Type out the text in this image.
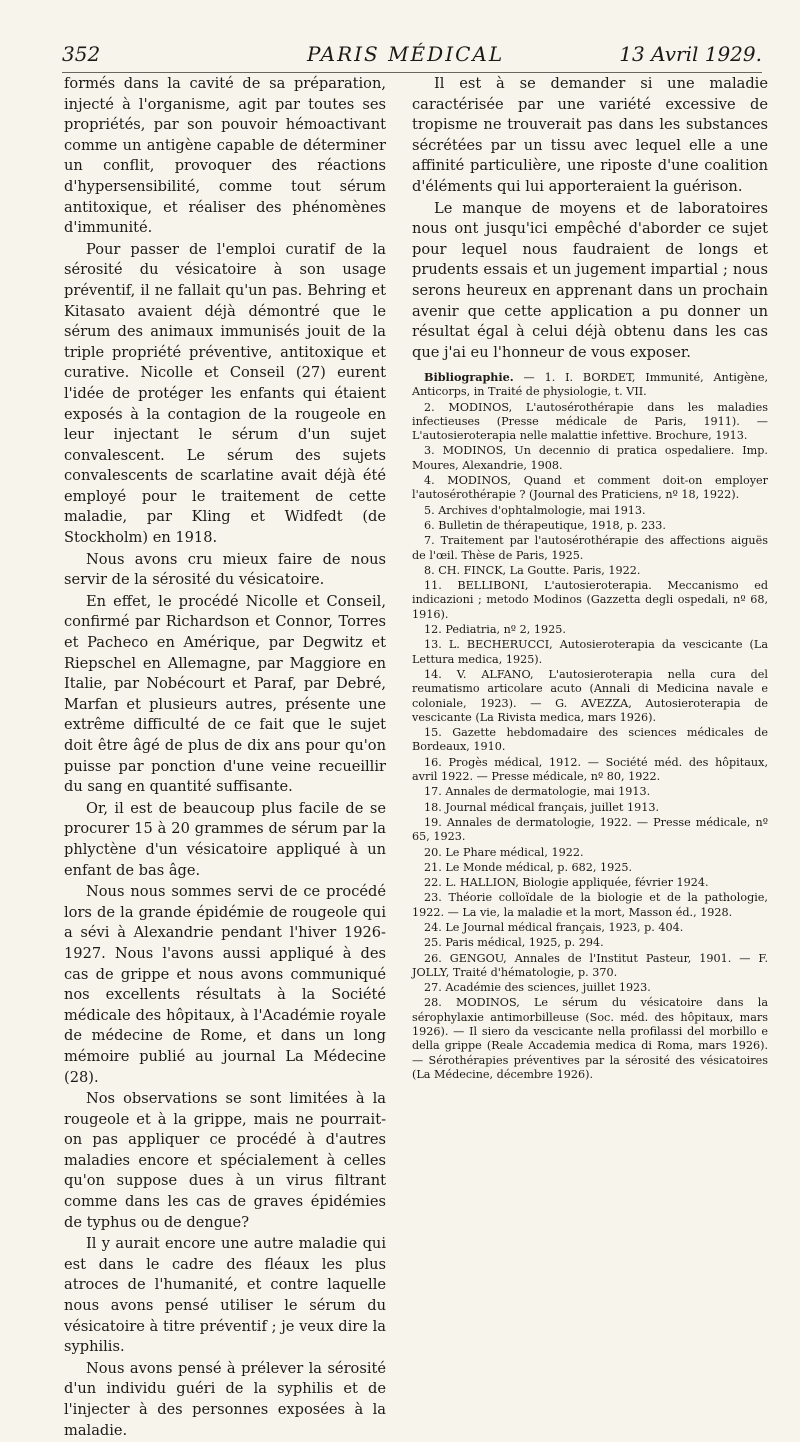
352	PARIS MÉDICAL	13 Avril 1929.

formés dans la cavité de sa préparation, injecté à l'organisme, agit par toutes ses propriétés, par son pouvoir hémoactivant comme un antigène capable de déterminer un conflit, provoquer des réactions d'hypersensibilité, comme tout sérum antitoxique, et réaliser des phénomènes d'immunité.

Pour passer de l'emploi curatif de la sérosité du vésicatoire à son usage préventif, il ne fallait qu'un pas. Behring et Kitasato avaient déjà démontré que le sérum des animaux immunisés jouit de la triple propriété préventive, antitoxique et curative. Nicolle et Conseil (27) eurent l'idée de protéger les enfants qui étaient exposés à la contagion de la rougeole en leur injectant le sérum d'un sujet convalescent. Le sérum des sujets convalescents de scarlatine avait déjà été employé pour le traitement de cette maladie, par Kling et Widfedt (de Stockholm) en 1918.

Nous avons cru mieux faire de nous servir de la sérosité du vésicatoire.

En effet, le procédé Nicolle et Conseil, confirmé par Richardson et Connor, Torres et Pacheco en Amérique, par Degwitz et Riepschel en Allemagne, par Maggiore en Italie, par Nobécourt et Paraf, par Debré, Marfan et plusieurs autres, présente une extrême difficulté de ce fait que le sujet doit être âgé de plus de dix ans pour qu'on puisse par ponction d'une veine recueillir du sang en quantité suffisante.

Or, il est de beaucoup plus facile de se procurer 15 à 20 grammes de sérum par la phlyctène d'un vésicatoire appliqué à un enfant de bas âge.

Nous nous sommes servi de ce procédé lors de la grande épidémie de rougeole qui a sévi à Alexandrie pendant l'hiver 1926-1927. Nous l'avons aussi appliqué à des cas de grippe et nous avons communiqué nos excellents résultats à la Société médicale des hôpitaux, à l'Académie royale de médecine de Rome, et dans un long mémoire publié au journal La Médecine (28).

Nos observations se sont limitées à la rougeole et à la grippe, mais ne pourrait-on pas appliquer ce procédé à d'autres maladies encore et spécialement à celles qu'on suppose dues à un virus filtrant comme dans les cas de graves épidémies de typhus ou de dengue?

Il y aurait encore une autre maladie qui est dans le cadre des fléaux les plus atroces de l'humanité, et contre laquelle nous avons pensé utiliser le sérum du vésicatoire à titre préventif ; je veux dire la syphilis.

Nous avons pensé à prélever la sérosité d'un individu guéri de la syphilis et de l'injecter à des personnes exposées à la maladie.

Il est à se demander si une maladie caractérisée par une variété excessive de tropisme ne trouverait pas dans les substances sécrétées par un tissu avec lequel elle a une affinité particulière, une riposte d'une coalition d'éléments qui lui apporteraient la guérison.

Le manque de moyens et de laboratoires nous ont jusqu'ici empêché d'aborder ce sujet pour lequel nous faudraient de longs et prudents essais et un jugement impartial ; nous serons heureux en apprenant dans un prochain avenir que cette application a pu donner un résultat égal à celui déjà obtenu dans les cas que j'ai eu l'honneur de vous exposer.

Bibliographie. — 1. I. BORDET, Immunité, Antigène, Anticorps, in Traité de physiologie, t. VII.
2. MODINOS, L'autosérothérapie dans les maladies infectieuses (Presse médicale de Paris, 1911). — L'autosieroterapia nelle malattie infettive. Brochure, 1913.
3. MODINOS, Un decennio di pratica ospedaliere. Imp. Moures, Alexandrie, 1908.
4. MODINOS, Quand et comment doit-on employer l'autosérothérapie ? (Journal des Praticiens, nº 18, 1922).
5. Archives d'ophtalmologie, mai 1913.
6. Bulletin de thérapeutique, 1918, p. 233.
7. Traitement par l'autosérothérapie des affections aiguës de l'œil. Thèse de Paris, 1925.
8. CH. FINCK, La Goutte. Paris, 1922.
11. BELLIBONI, L'autosieroterapia. Meccanismo ed indicazioni ; metodo Modinos (Gazzetta degli ospedali, nº 68, 1916).
12. Pediatria, nº 2, 1925.
13. L. BECHERUCCI, Autosieroterapia da vescicante (La Lettura medica, 1925).
14. V. ALFANO, L'autosieroterapia nella cura del reumatismo articolare acuto (Annali di Medicina navale e coloniale, 1923). — G. AVEZZA, Autosieroterapia de vescicante (La Rivista medica, mars 1926).
15. Gazette hebdomadaire des sciences médicales de Bordeaux, 1910.
16. Progès médical, 1912. — Société méd. des hôpitaux, avril 1922. — Presse médicale, nº 80, 1922.
17. Annales de dermatologie, mai 1913.
18. Journal médical français, juillet 1913.
19. Annales de dermatologie, 1922. — Presse médicale, nº 65, 1923.
20. Le Phare médical, 1922.
21. Le Monde médical, p. 682, 1925.
22. L. HALLION, Biologie appliquée, février 1924.
23. Théorie colloïdale de la biologie et de la pathologie, 1922. — La vie, la maladie et la mort, Masson éd., 1928.
24. Le Journal médical français, 1923, p. 404.
25. Paris médical, 1925, p. 294.
26. GENGOU, Annales de l'Institut Pasteur, 1901. — F. JOLLY, Traité d'hématologie, p. 370.
27. Académie des sciences, juillet 1923.
28. MODINOS, Le sérum du vésicatoire dans la sérophylaxie antimorbilleuse (Soc. méd. des hôpitaux, mars 1926). — Il siero da vescicante nella profilassi del morbillo e della grippe (Reale Accademia medica di Roma, mars 1926). — Sérothérapies préventives par la sérosité des vésicatoires (La Médecine, décembre 1926).
